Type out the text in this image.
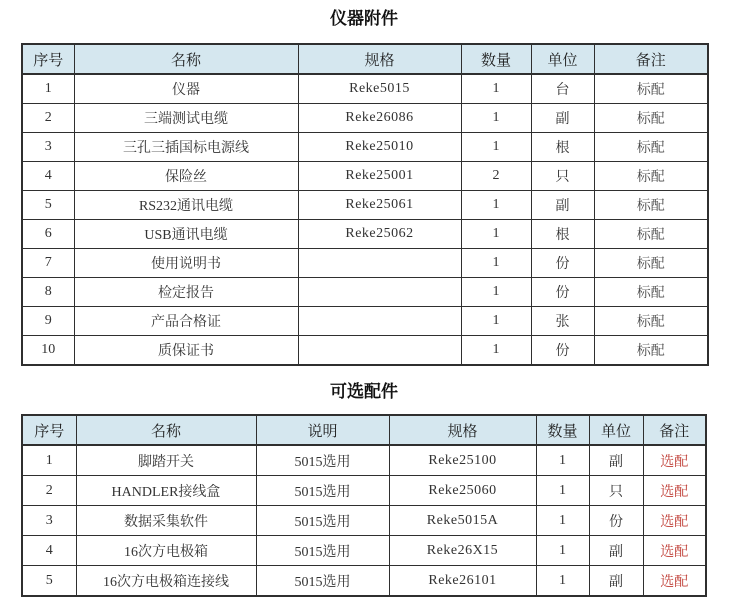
仪器附件
序号	名称	规格	数量	单位	备注
1	仪器	Reke5015	1	台	标配
2	三端测试电缆	Reke26086	1	副	标配
3	三孔三插国标电源线	Reke25010	1	根	标配
4	保险丝	Reke25001	2	只	标配
5	RS232通讯电缆	Reke25061	1	副	标配
6	USB通讯电缆	Reke25062	1	根	标配
7	使用说明书		1	份	标配
8	检定报告		1	份	标配
9	产品合格证		1	张	标配
10	质保证书		1	份	标配
可选配件
序号	名称	说明	规格	数量	单位	备注
1	脚踏开关	5015选用	Reke25100	1	副	选配
2	HANDLER接线盒	5015选用	Reke25060	1	只	选配
3	数据采集软件	5015选用	Reke5015A	1	份	选配
4	16次方电极箱	5015选用	Reke26X15	1	副	选配
5	16次方电极箱连接线	5015选用	Reke26101	1	副	选配
